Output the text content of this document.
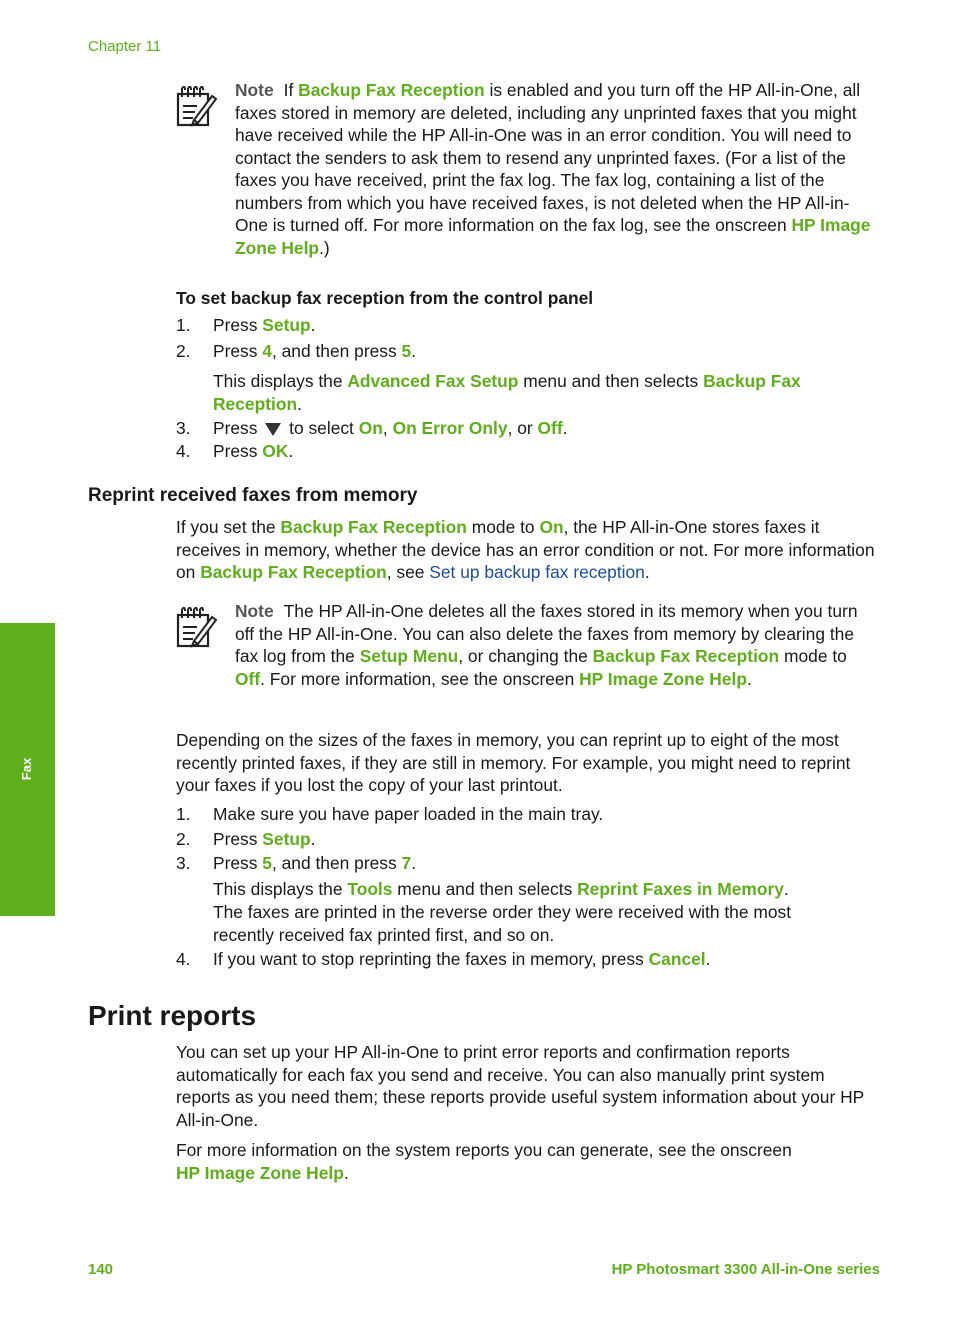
Chapter 11
Fax
Note If Backup Fax Reception is enabled and you turn off the HP All-in-One, all faxes stored in memory are deleted, including any unprinted faxes that you might have received while the HP All-in-One was in an error condition. You will need to contact the senders to ask them to resend any unprinted faxes. (For a list of the faxes you have received, print the fax log. The fax log, containing a list of the numbers from which you have received faxes, is not deleted when the HP All-in-One is turned off. For more information on the fax log, see the onscreen HP Image Zone Help.)
To set backup fax reception from the control panel
1. Press Setup.
2. Press 4, and then press 5.
This displays the Advanced Fax Setup menu and then selects Backup Fax Reception.
3. Press  to select On, On Error Only, or Off.
4. Press OK.
Reprint received faxes from memory
If you set the Backup Fax Reception mode to On, the HP All-in-One stores faxes it receives in memory, whether the device has an error condition or not. For more information on Backup Fax Reception, see Set up backup fax reception.
Note The HP All-in-One deletes all the faxes stored in its memory when you turn off the HP All-in-One. You can also delete the faxes from memory by clearing the fax log from the Setup Menu, or changing the Backup Fax Reception mode to Off. For more information, see the onscreen HP Image Zone Help.
Depending on the sizes of the faxes in memory, you can reprint up to eight of the most recently printed faxes, if they are still in memory. For example, you might need to reprint your faxes if you lost the copy of your last printout.
1. Make sure you have paper loaded in the main tray.
2. Press Setup.
3. Press 5, and then press 7.
This displays the Tools menu and then selects Reprint Faxes in Memory.
The faxes are printed in the reverse order they were received with the most recently received fax printed first, and so on.
4. If you want to stop reprinting the faxes in memory, press Cancel.
Print reports
You can set up your HP All-in-One to print error reports and confirmation reports automatically for each fax you send and receive. You can also manually print system reports as you need them; these reports provide useful system information about your HP All-in-One.
For more information on the system reports you can generate, see the onscreen
HP Image Zone Help.
140	HP Photosmart 3300 All-in-One series
